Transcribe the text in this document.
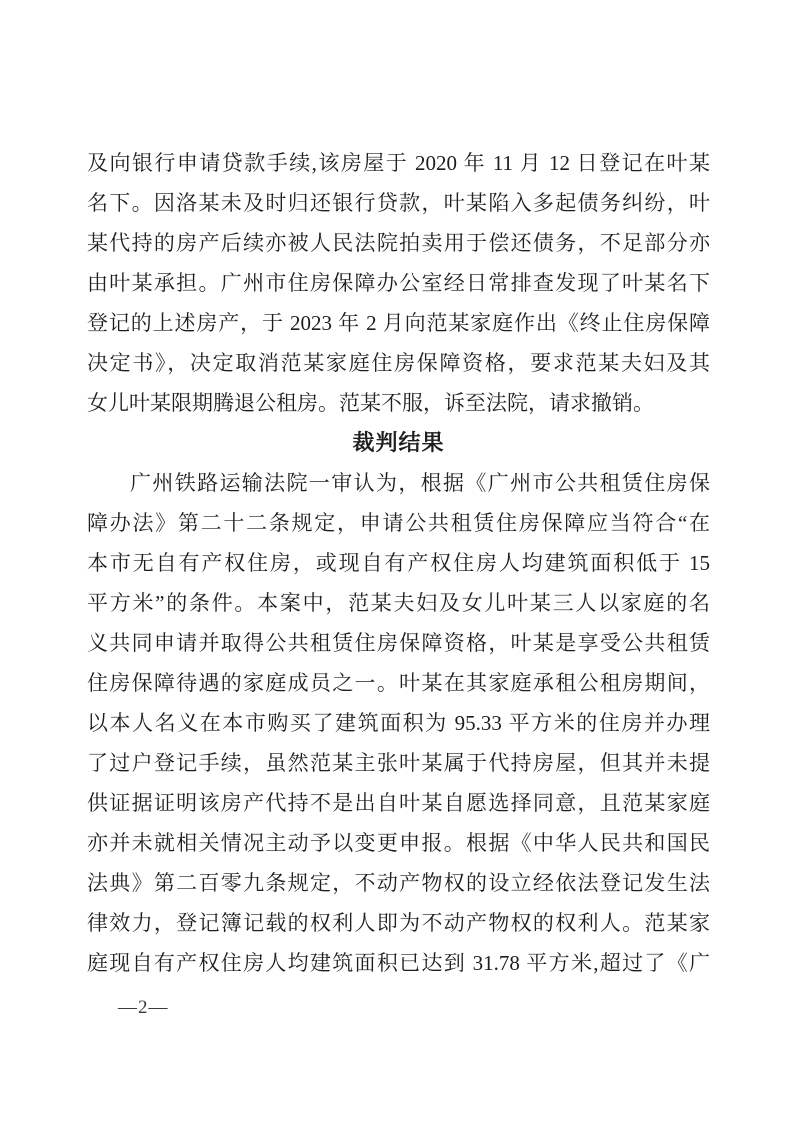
及向银行申请贷款手续,该房屋于 2020 年 11 月 12 日登记在叶某
名下。因洛某未及时归还银行贷款，叶某陷入多起债务纠纷，叶
某代持的房产后续亦被人民法院拍卖用于偿还债务，不足部分亦
由叶某承担。广州市住房保障办公室经日常排查发现了叶某名下
登记的上述房产，于 2023 年 2 月向范某家庭作出《终止住房保障
决定书》，决定取消范某家庭住房保障资格，要求范某夫妇及其
女儿叶某限期腾退公租房。范某不服，诉至法院，请求撤销。
裁判结果
广州铁路运输法院一审认为，根据《广州市公共租赁住房保
障办法》第二十二条规定，申请公共租赁住房保障应当符合“在
本市无自有产权住房，或现自有产权住房人均建筑面积低于 15
平方米”的条件。本案中，范某夫妇及女儿叶某三人以家庭的名
义共同申请并取得公共租赁住房保障资格，叶某是享受公共租赁
住房保障待遇的家庭成员之一。叶某在其家庭承租公租房期间，
以本人名义在本市购买了建筑面积为 95.33 平方米的住房并办理
了过户登记手续，虽然范某主张叶某属于代持房屋，但其并未提
供证据证明该房产代持不是出自叶某自愿选择同意，且范某家庭
亦并未就相关情况主动予以变更申报。根据《中华人民共和国民
法典》第二百零九条规定，不动产物权的设立经依法登记发生法
律效力，登记簿记载的权利人即为不动产物权的权利人。范某家
庭现自有产权住房人均建筑面积已达到 31.78 平方米,超过了《广
—2—
